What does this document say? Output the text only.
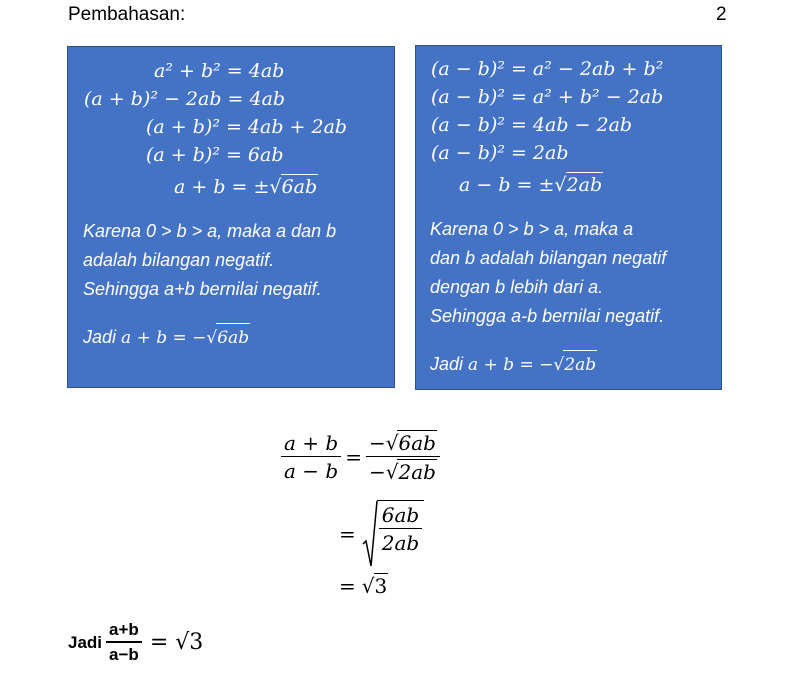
Pembahasan:	2
a² + b² = 4ab
(a + b)² − 2ab = 4ab
(a + b)² = 4ab + 2ab
(a + b)² = 6ab
a + b = ±√6ab
Karena 0 > b > a, maka a dan b
adalah bilangan negatif.
Sehingga a+b bernilai negatif.
Jadi a + b = −√6ab
(a − b)² = a² − 2ab + b²
(a − b)² = a² + b² − 2ab
(a − b)² = 4ab − 2ab
(a − b)² = 2ab
a − b = ±√2ab
Karena 0 > b > a, maka a
dan b adalah bilangan negatif
dengan b lebih dari a.
Sehingga a-b bernilai negatif.
Jadi a + b = −√2ab
$\frac{a + b}{a - b} = \frac{-√6ab}{-√2ab}$
= $\frac{6ab}{2ab}$
= √3
Jadi $\frac{a+b}{a-b} = √3$
